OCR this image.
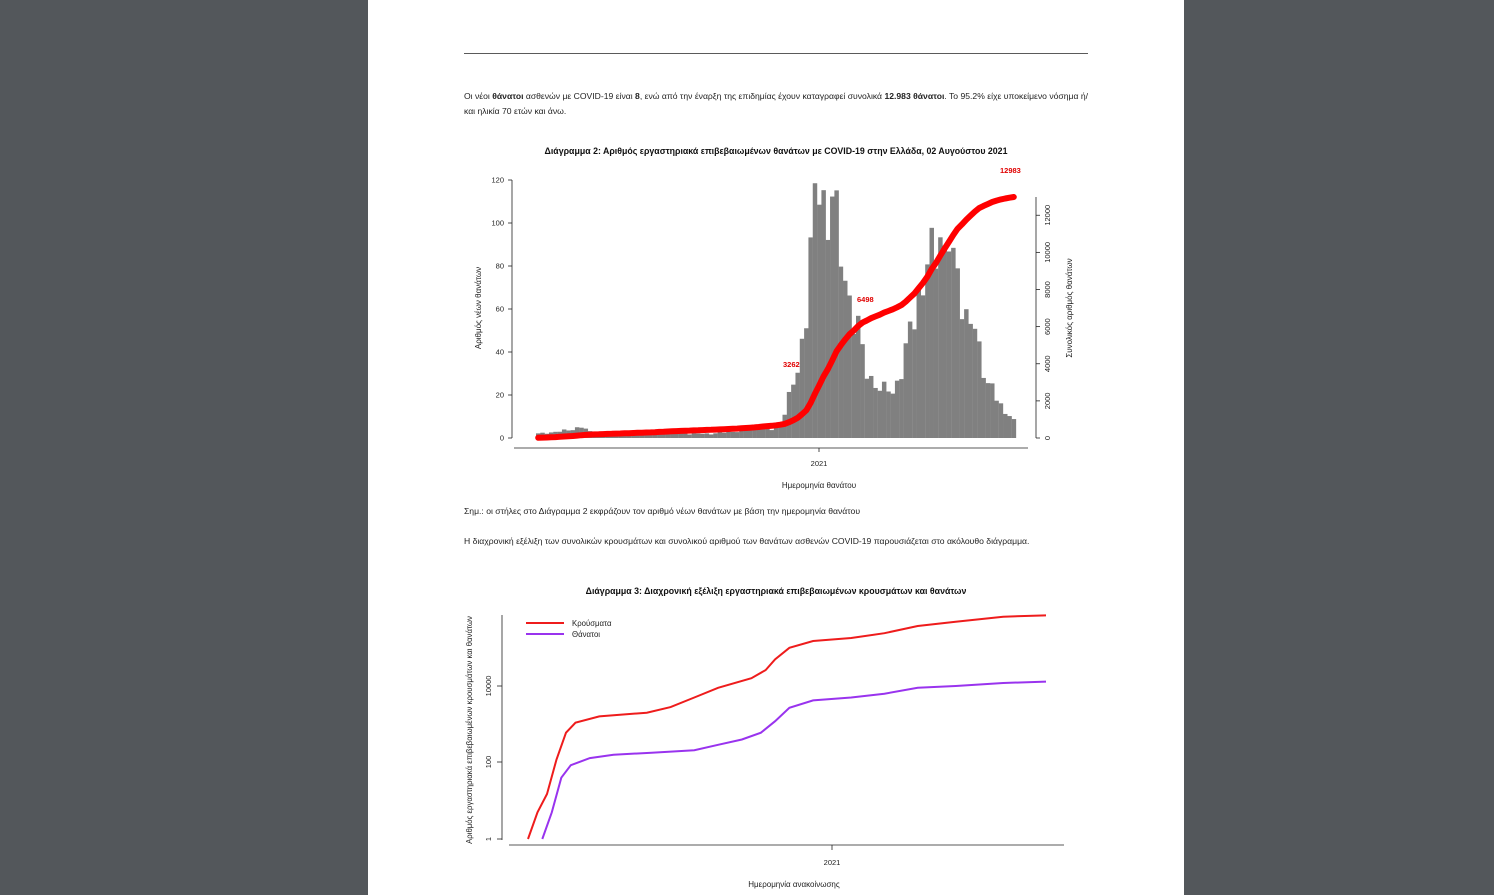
Οι νέοι θάνατοι ασθενών με COVID-19 είναι 8, ενώ από την έναρξη της επιδημίας έχουν καταγραφεί συνολικά 12.983 θάνατοι. Το 95.2% είχε υποκείμενο νόσημα ή/και ηλικία 70 ετών και άνω.
Διάγραμμα 2: Αριθμός εργαστηριακά επιβεβαιωμένων θανάτων με COVID-19 στην Ελλάδα, 02 Αυγούστου 2021
2021
Ημερομηνία θανάτου
0
20
40
60
80
100
120
Αριθμός νέων θανάτων
0
2000
4000
6000
8000
10000
12000
Συνολικός αριθμός θανάτων
3262
6498
12983
Σημ.: οι στήλες στο Διάγραμμα 2 εκφράζουν τον αριθμό νέων θανάτων με βάση την ημερομηνία θανάτου
Η διαχρονική εξέλιξη των συνολικών κρουσμάτων και συνολικού αριθμού των θανάτων ασθενών COVID-19 παρουσιάζεται στο ακόλουθο διάγραμμα.
Διάγραμμα 3: Διαχρονική εξέλιξη εργαστηριακά επιβεβαιωμένων κρουσμάτων και θανάτων
2021
Ημερομηνία ανακοίνωσης
1
100
10000
Αριθμός εργαστηριακά επιβεβαιωμένων κρουσμάτων και θανάτων	Κρούσματα
Θάνατοι
